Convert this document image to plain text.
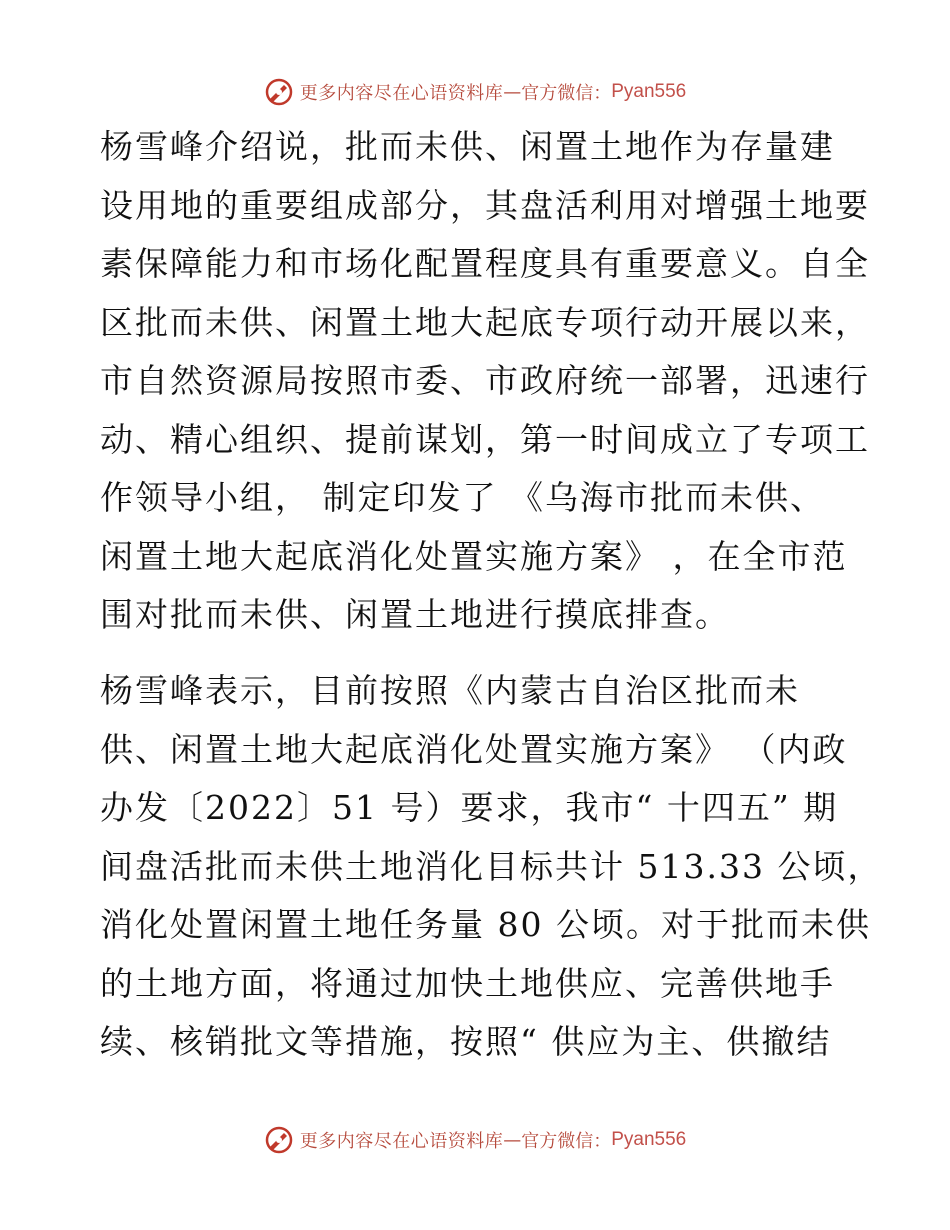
更多内容尽在心语资料库 — 官方微信： Pyan556
杨雪峰介绍说，批而未供、闲置土地作为存量建
设用地的重要组成部分，其盘活利用对增强土地要
素保障能力和市场化配置程度具有重要意义。自全
区批而未供、闲置土地大起底专项行动开展以来，
市自然资源局按照市委、市政府统一部署，迅速行
动、精心组织、提前谋划，第一时间成立了专项工
作领导小组， 制定印发了 《乌海市批而未供、
闲置土地大起底消化处置实施方案》 ，在全市范
围对批而未供、闲置土地进行摸底排查。
杨雪峰表示，目前按照《内蒙古自治区批而未
供、闲置土地大起底消化处置实施方案》 （内政
办发〔2022〕51 号）要求，我市“ 十四五” 期
间盘活批而未供土地消化目标共计 513.33 公顷，
消化处置闲置土地任务量 80 公顷。对于批而未供
的土地方面，将通过加快土地供应、完善供地手
续、核销批文等措施，按照“ 供应为主、供撤结
更多内容尽在心语资料库 — 官方微信： Pyan556
